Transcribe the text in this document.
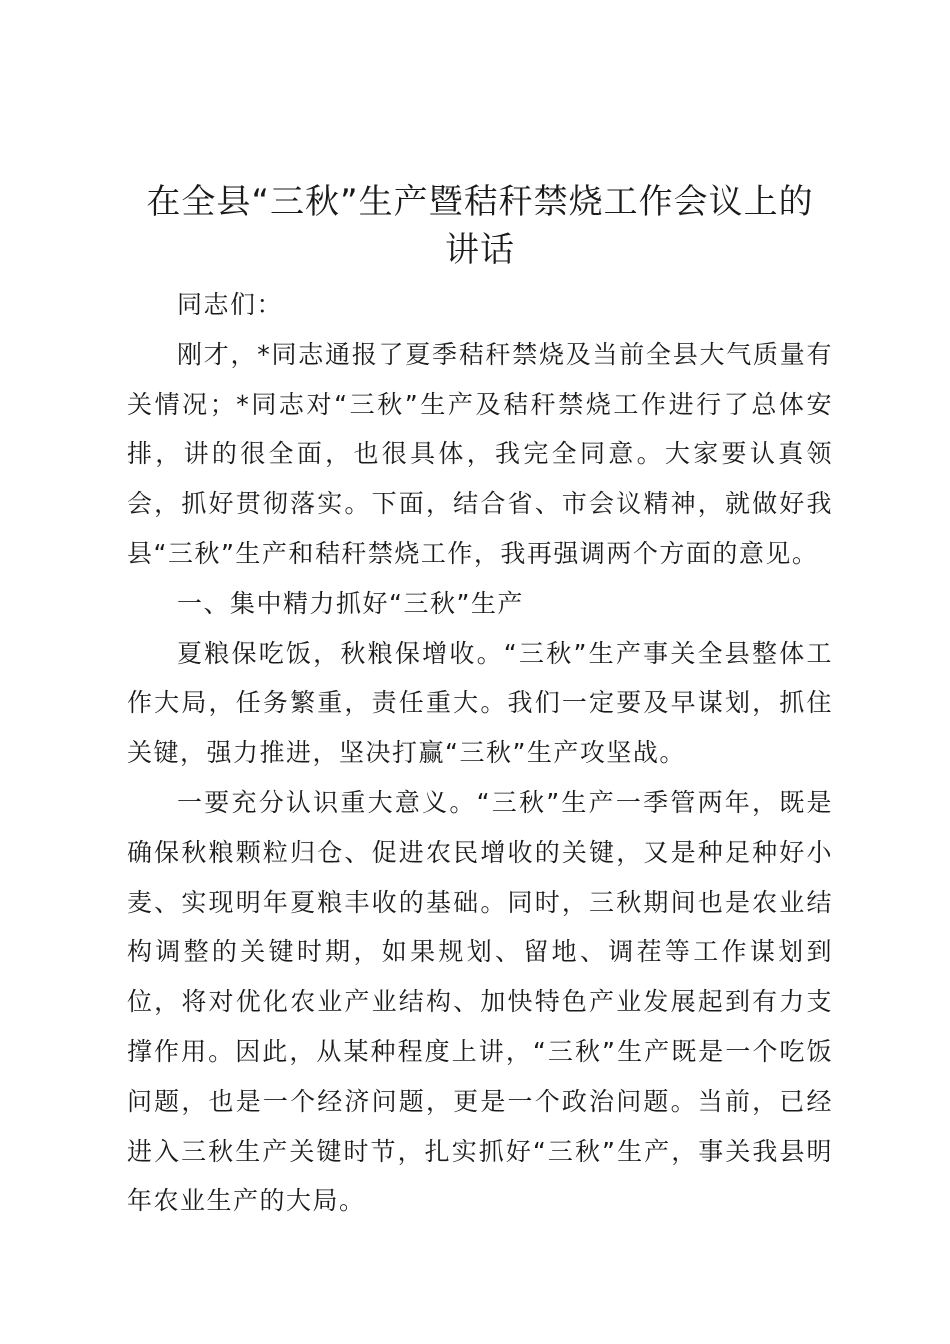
在全县“三秋”生产暨秸秆禁烧工作会议上的
讲话

同志们：

刚才，*同志通报了夏季秸秆禁烧及当前全县大气质量有关情况；*同志对“三秋”生产及秸秆禁烧工作进行了总体安排，讲的很全面，也很具体，我完全同意。大家要认真领会，抓好贯彻落实。下面，结合省、市会议精神，就做好我县“三秋”生产和秸秆禁烧工作，我再强调两个方面的意见。

一、集中精力抓好“三秋”生产

夏粮保吃饭，秋粮保增收。“三秋”生产事关全县整体工作大局，任务繁重，责任重大。我们一定要及早谋划，抓住关键，强力推进，坚决打赢“三秋”生产攻坚战。

一要充分认识重大意义。“三秋”生产一季管两年，既是确保秋粮颗粒归仓、促进农民增收的关键，又是种足种好小麦、实现明年夏粮丰收的基础。同时，三秋期间也是农业结构调整的关键时期，如果规划、留地、调茬等工作谋划到位，将对优化农业产业结构、加快特色产业发展起到有力支撑作用。因此，从某种程度上讲，“三秋”生产既是一个吃饭问题，也是一个经济问题，更是一个政治问题。当前，已经进入三秋生产关键时节，扎实抓好“三秋”生产，事关我县明年农业生产的大局。
